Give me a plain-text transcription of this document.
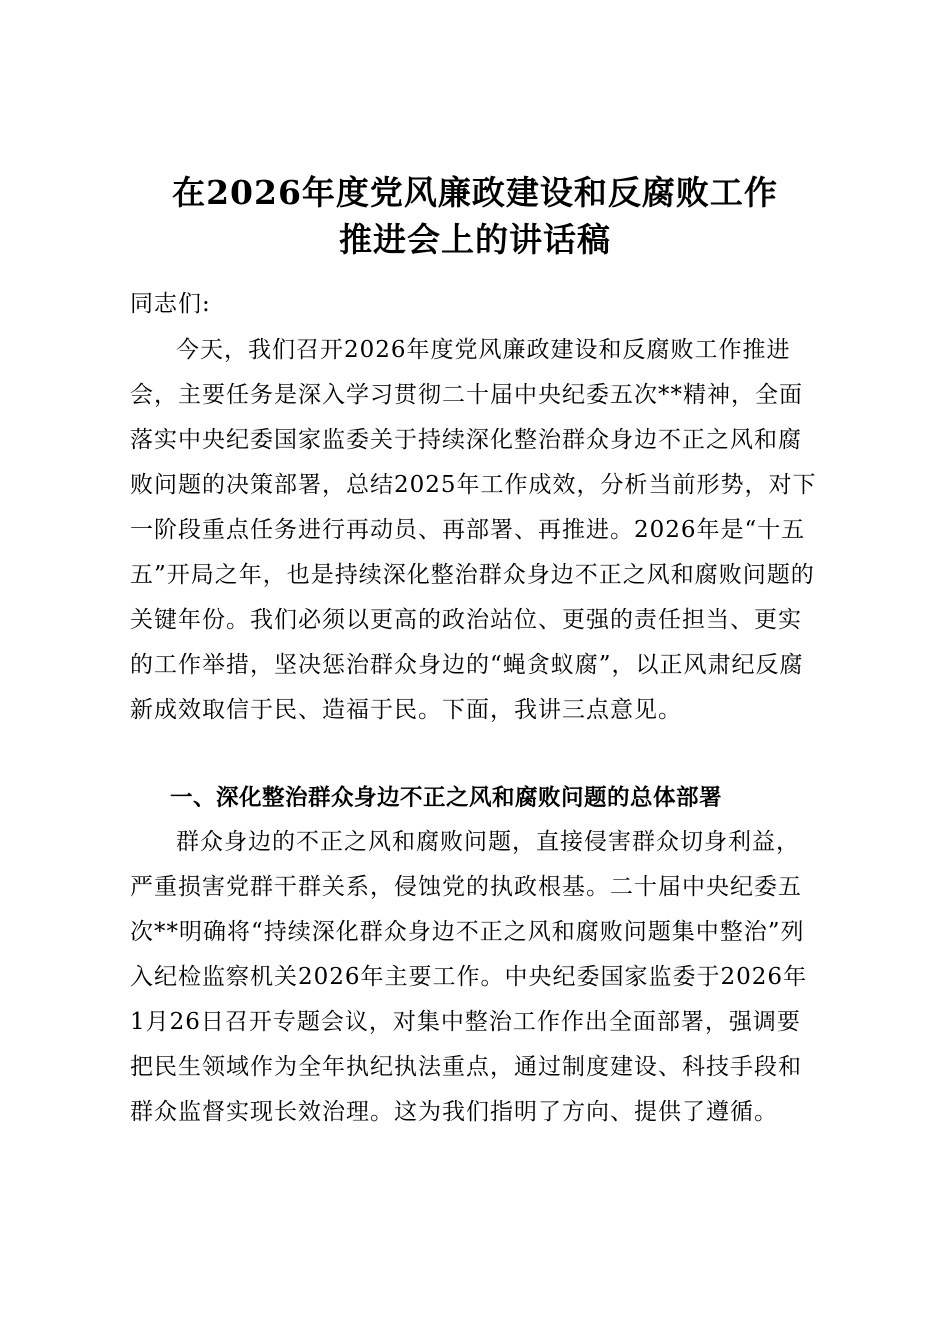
在2026年度党风廉政建设和反腐败工作
推进会上的讲话稿
同志们:
今天，我们召开2026年度党风廉政建设和反腐败工作推进会，主要任务是深入学习贯彻二十届中央纪委五次**精神，全面落实中央纪委国家监委关于持续深化整治群众身边不正之风和腐败问题的决策部署，总结2025年工作成效，分析当前形势，对下一阶段重点任务进行再动员、再部署、再推进。2026年是“十五五”开局之年，也是持续深化整治群众身边不正之风和腐败问题的关键年份。我们必须以更高的政治站位、更强的责任担当、更实的工作举措，坚决惩治群众身边的“蝇贪蚁腐”，以正风肃纪反腐新成效取信于民、造福于民。下面，我讲三点意见。
一、深化整治群众身边不正之风和腐败问题的总体部署
群众身边的不正之风和腐败问题，直接侵害群众切身利益，严重损害党群干群关系，侵蚀党的执政根基。二十届中央纪委五次**明确将“持续深化群众身边不正之风和腐败问题集中整治”列入纪检监察机关2026年主要工作。中央纪委国家监委于2026年1月26日召开专题会议，对集中整治工作作出全面部署，强调要把民生领域作为全年执纪执法重点，通过制度建设、科技手段和群众监督实现长效治理。这为我们指明了方向、提供了遵循。
